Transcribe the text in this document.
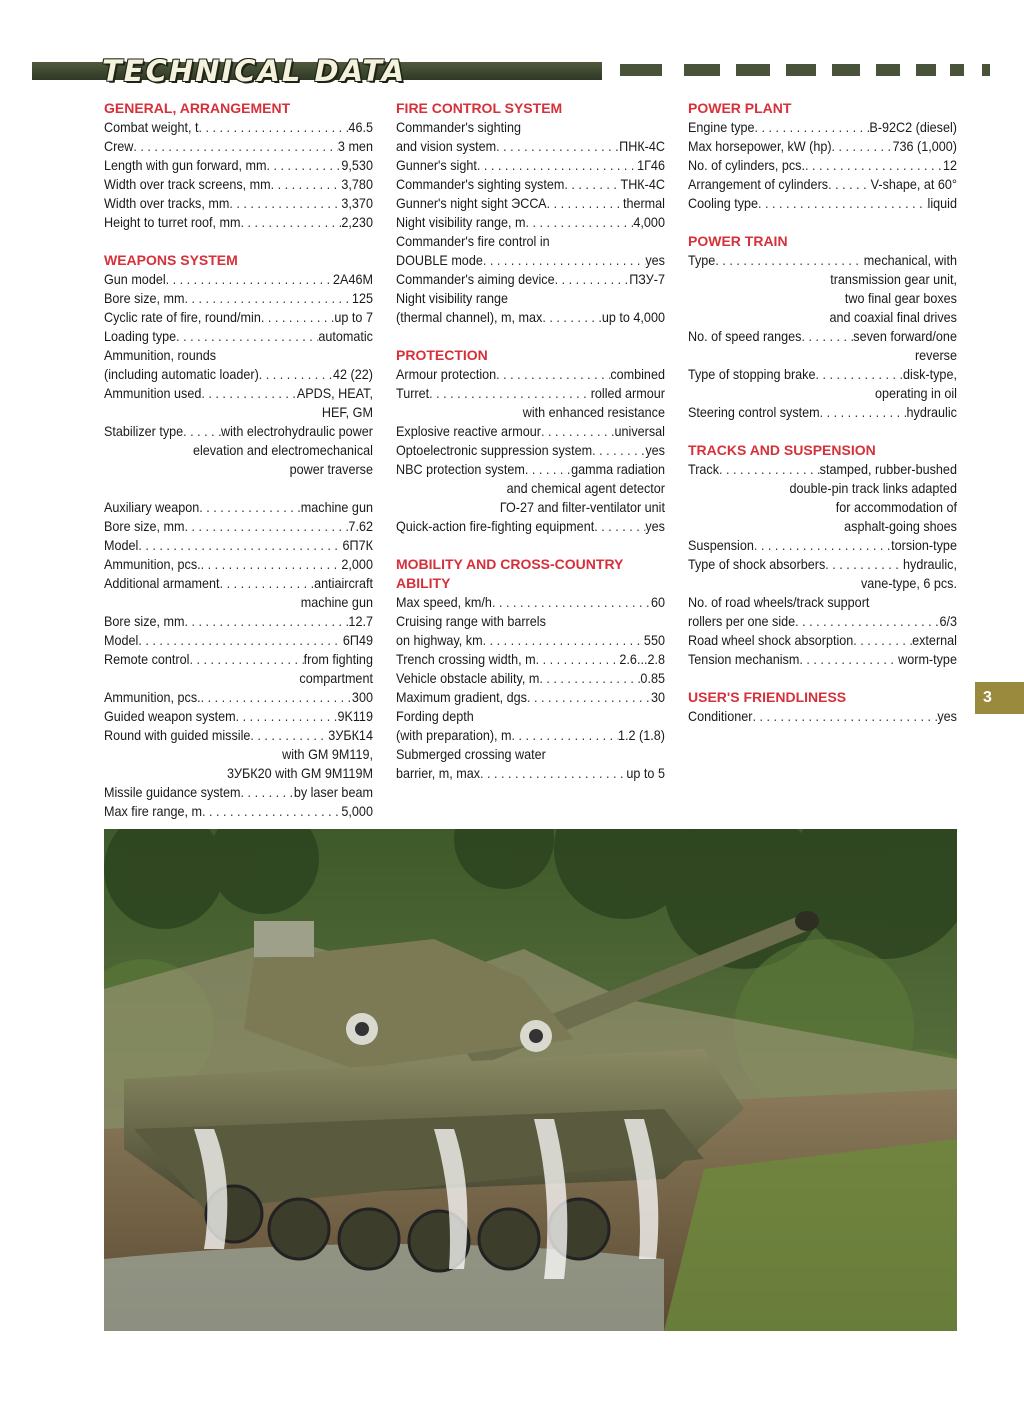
TECHNICAL DATA
GENERAL, ARRANGEMENT
Combat weight, t . . .	46.5
Crew . . .	3 men
Length with gun forward, mm . . .	9,530
Width over track screens, mm . . .	3,780
Width over tracks, mm . . .	3,370
Height to turret roof, mm . . .	2,230
WEAPONS SYSTEM
Gun model . . .	2A46M
Bore size, mm . . .	125
Cyclic rate of fire, round/min . . .	up to 7
Loading type . . .	automatic
Ammunition, rounds
(including automatic loader) . . .	42 (22)
Ammunition used . . .	APDS, HEAT,
HEF, GM
Stabilizer type . . .	with electrohydraulic power
elevation and electromechanical
power traverse
Auxiliary weapon . . .	machine gun
Bore size, mm . . .	7.62
Model . . .	6П7К
Ammunition, pcs. . . .	2,000
Additional armament . . .	antiaircraft
machine gun
Bore size, mm . . .	12.7
Model . . .	6П49
Remote control . . .	from fighting
compartment
Ammunition, pcs. . . .	300
Guided weapon system . . .	9K119
Round with guided missile . . .	3УБК14
with GM 9M119,
3УБК20 with GM 9M119M
Missile guidance system . . .	by laser beam
Max fire range, m . . .	5,000
FIRE CONTROL SYSTEM
Commander's sighting
and vision system . . .	ПНК-4С
Gunner's sight . . .	1Г46
Commander's sighting system . . .	ТНК-4С
Gunner's night sight ЭССА . . .	thermal
Night visibility range, m . . .	4,000
Commander's fire control in
DOUBLE mode . . .	yes
Commander's aiming device . . .	ПЗУ-7
Night visibility range
(thermal channel), m, max . . .	up to 4,000
PROTECTION
Armour protection . . .	combined
Turret . . .	rolled armour
with enhanced resistance
Explosive reactive armour . . .	universal
Optoelectronic suppression system . . .	yes
NBC protection system . . .	gamma radiation
and chemical agent detector
ГО-27 and filter-ventilator unit
Quick-action fire-fighting equipment . . .	yes
MOBILITY AND CROSS-COUNTRY
ABILITY
Max speed, km/h . . .	60
Cruising range with barrels
on highway, km . . .	550
Trench crossing width, m . . .	2.6...2.8
Vehicle obstacle ability, m . . .	0.85
Maximum gradient, dgs . . .	30
Fording depth
(with preparation), m . . .	1.2 (1.8)
Submerged crossing water
barrier, m, max . . .	up to 5
POWER PLANT
Engine type . . .	B-92C2 (diesel)
Max horsepower, kW (hp) . . .	736 (1,000)
No. of cylinders, pcs. . . .	12
Arrangement of cylinders . . .	V-shape, at 60°
Cooling type . . .	liquid
POWER TRAIN
Type . . .	mechanical, with
transmission gear unit,
two final gear boxes
and coaxial final drives
No. of speed ranges . . .	seven forward/one
reverse
Type of stopping brake . . .	disk-type,
operating in oil
Steering control system . . .	hydraulic
TRACKS AND SUSPENSION
Track . . .	stamped, rubber-bushed
double-pin track links adapted
for accommodation of
asphalt-going shoes
Suspension . . .	torsion-type
Type of shock absorbers . . .	hydraulic,
vane-type, 6 pcs.
No. of road wheels/track support
rollers per one side . . .	6/3
Road wheel shock absorption . . .	external
Tension mechanism . . .	worm-type
USER'S FRIENDLINESS
Conditioner . . .	yes
3
